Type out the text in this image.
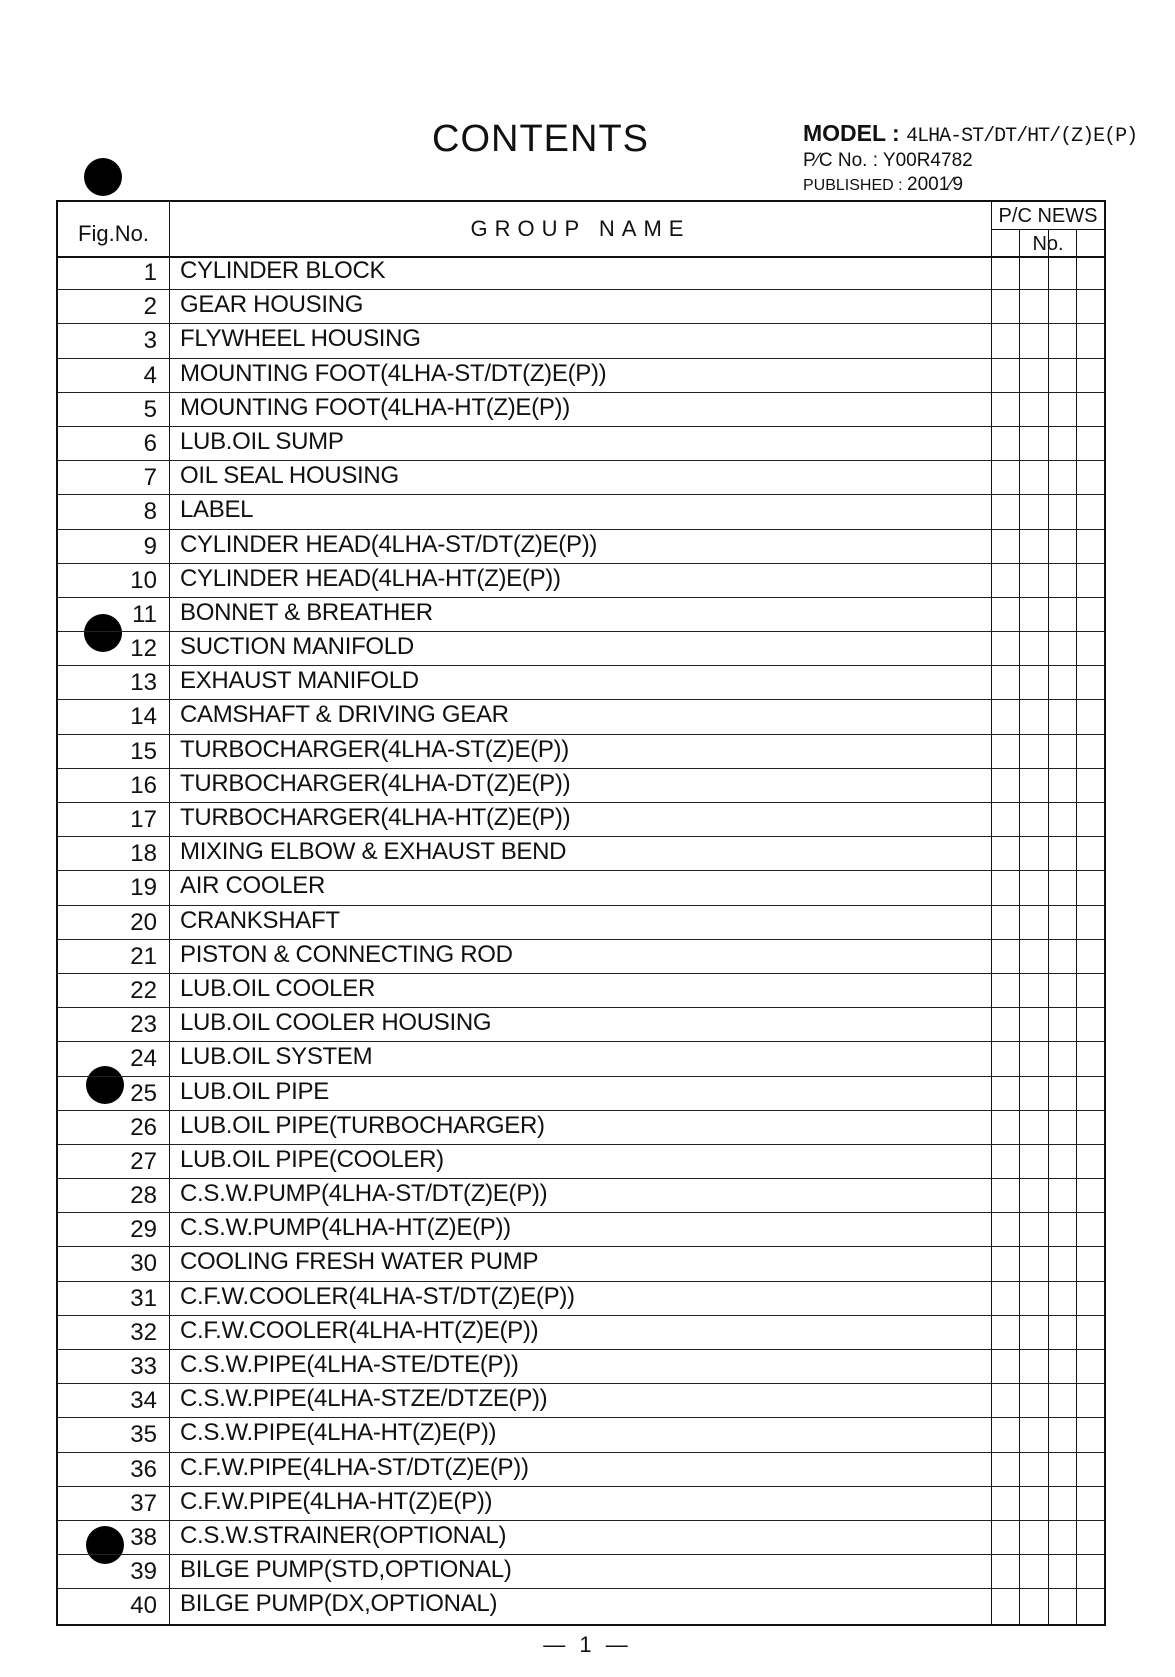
CONTENTS	MODEL : 4LHA-ST/DT/HT/(Z)E(P)
P∕C No. : Y00R4782
PUBLISHED : 2001∕9
Fig.No.	GROUP NAME	P/C NEWS No.
1 CYLINDER BLOCK
2 GEAR HOUSING
3 FLYWHEEL HOUSING
4 MOUNTING FOOT(4LHA-ST/DT(Z)E(P))
5 MOUNTING FOOT(4LHA-HT(Z)E(P))
6 LUB.OIL SUMP
7 OIL SEAL HOUSING
8 LABEL
9 CYLINDER HEAD(4LHA-ST/DT(Z)E(P))
10 CYLINDER HEAD(4LHA-HT(Z)E(P))
11 BONNET & BREATHER
12 SUCTION MANIFOLD
13 EXHAUST MANIFOLD
14 CAMSHAFT & DRIVING GEAR
15 TURBOCHARGER(4LHA-ST(Z)E(P))
16 TURBOCHARGER(4LHA-DT(Z)E(P))
17 TURBOCHARGER(4LHA-HT(Z)E(P))
18 MIXING ELBOW & EXHAUST BEND
19 AIR COOLER
20 CRANKSHAFT
21 PISTON & CONNECTING ROD
22 LUB.OIL COOLER
23 LUB.OIL COOLER HOUSING
24 LUB.OIL SYSTEM
25 LUB.OIL PIPE
26 LUB.OIL PIPE(TURBOCHARGER)
27 LUB.OIL PIPE(COOLER)
28 C.S.W.PUMP(4LHA-ST/DT(Z)E(P))
29 C.S.W.PUMP(4LHA-HT(Z)E(P))
30 COOLING FRESH WATER PUMP
31 C.F.W.COOLER(4LHA-ST/DT(Z)E(P))
32 C.F.W.COOLER(4LHA-HT(Z)E(P))
33 C.S.W.PIPE(4LHA-STE/DTE(P))
34 C.S.W.PIPE(4LHA-STZE/DTZE(P))
35 C.S.W.PIPE(4LHA-HT(Z)E(P))
36 C.F.W.PIPE(4LHA-ST/DT(Z)E(P))
37 C.F.W.PIPE(4LHA-HT(Z)E(P))
38 C.S.W.STRAINER(OPTIONAL)
39 BILGE PUMP(STD,OPTIONAL)
40 BILGE PUMP(DX,OPTIONAL)
— 1 —
